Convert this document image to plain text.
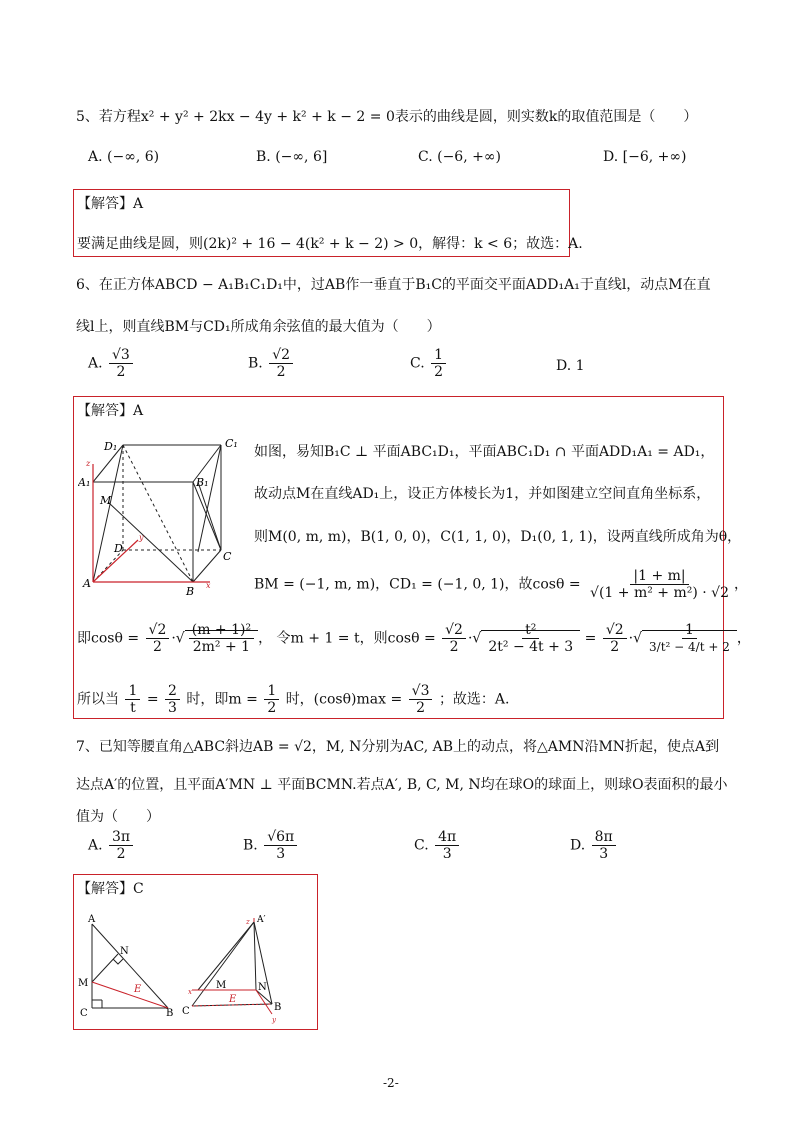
5、若方程x² + y² + 2kx − 4y + k² + k − 2 = 0表示的曲线是圆，则实数k的取值范围是（　　）
A. (−∞, 6)	B. (−∞, 6]	C. (−6, +∞)	D. [−6, +∞)
【解答】A
要满足曲线是圆，则(2k)² + 16 − 4(k² + k − 2) > 0，解得：k < 6；故选：A.
6、在正方体ABCD − A₁B₁C₁D₁中，过AB作一垂直于B₁C的平面交平面ADD₁A₁于直线l，动点M在直
线l上，则直线BM与CD₁所成角余弦值的最大值为（　　）
A. $\frac{√3}{2}$	B. $\frac{√2}{2}$	C. $\frac{1}{2}$	D. 1
【解答】A
D₁	C₁
A₁	B₁
M
D
C
A
B
z
y
x
如图，易知B₁C ⊥ 平面ABC₁D₁，平面ABC₁D₁ ∩ 平面ADD₁A₁ = AD₁，
故动点M在直线AD₁上，设正方体棱长为1，并如图建立空间直角坐标系，
则M(0, m, m)，B(1, 0, 0)，C(1, 1, 0)，D₁(0, 1, 1)，设两直线所成角为θ，
BM = (−1, m, m)，CD₁ = (−1, 0, 1)，故$\cos\theta = \frac{|1 + m|}{\text{√(1 + m² + m²) · √2}}$ ，
即$\cos\theta = \frac{√2}{2}$ ·√ $\frac{\text{(m + 1)²}}{\text{2m² + 1}}$ ， 令m + 1 = t，则$\cos\theta = \frac{√2}{2}$ ·√ $\frac{\text{t²}}{\text{2t² − 4t + 3}} = \frac{√2}{2}$ ·√ $\frac{1}{\text{3/t² − 4/t + 2}}$ ，
所以当 $\frac{1}{t} = \frac{2}{3}$ 时，即$m = \frac{1}{2}$ 时，$(\cos\theta)\max = \frac{√3}{2}$ ；故选：A.
7、已知等腰直角△ABC斜边AB = √2，M, N分别为AC, AB上的动点，将△AMN沿MN折起，使点A到
达点A′的位置，且平面A′MN ⊥ 平面BCMN.若点A′, B, C, M, N均在球O的球面上，则球O表面积的最小
值为（　　）
A. $\frac{3\pi}{2}$	B. $\frac{√6\pi}{3}$	C. $\frac{4\pi}{3}$	D. $\frac{8\pi}{3}$
【解答】C
A
N
M
E
C	B
A′
M	N
E
C	B
z
x
y
-2-
